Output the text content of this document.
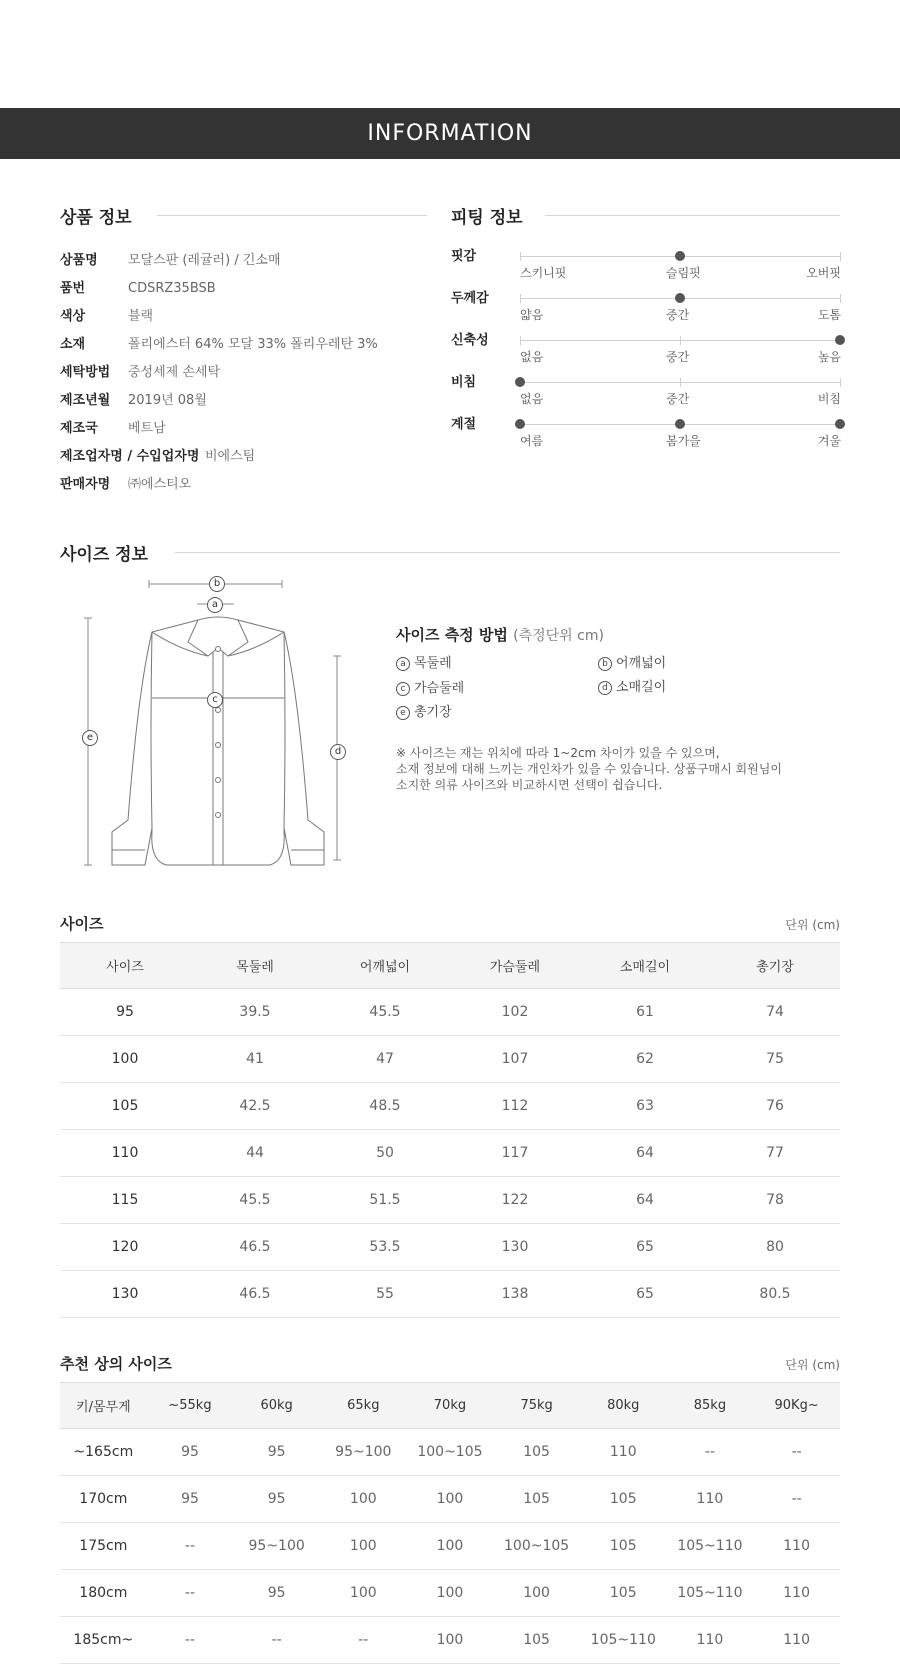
INFORMATION
상품 정보
상품명 모달스판 (레귤러) / 긴소매
품번	CDSRZ35BSB
색상	블랙
소재	폴리에스터 64% 모달 33% 폴리우레탄 3%
세탁방법 중성세제 손세탁
제조년월 2019년 08월
제조국 베트남
제조업자명 / 수입업자명 비에스팀
판매자명 ㈜에스티오
피팅 정보
핏감
스키니핏	슬림핏	오버핏
두께감
얇음	중간	도톰
신축성
없음	중간	높음
비침
없음	중간	비침
계절
여름	봄가을	겨울
사이즈 정보
a
b
c
d
e
사이즈 측정 방법 (측정단위 cm)
a 목둘레	b 어깨넓이
c 가슴둘레	d 소매길이
e 총기장
※ 사이즈는 재는 위치에 따라 1~2cm 차이가 있을 수 있으며,
소재 정보에 대해 느끼는 개인차가 있을 수 있습니다. 상품구매시 회원님이
소지한 의류 사이즈와 비교하시면 선택이 쉽습니다.
사이즈	단위 (cm)
사이즈	목둘레	어깨넓이	가슴둘레	소매길이	총기장
95	39.5	45.5	102	61	74
100	41	47	107	62	75
105	42.5	48.5	112	63	76
110	44	50	117	64	77
115	45.5	51.5	122	64	78
120	46.5	53.5	130	65	80
130	46.5	55	138	65	80.5
추천 상의 사이즈	단위 (cm)
키/몸무게	~55kg	60kg	65kg	70kg	75kg	80kg	85kg	90Kg~
~165cm	95	95	95~100	100~105	105	110	--	--
170cm	95	95	100	100	105	105	110	--
175cm	--	95~100	100	100	100~105	105	105~110	110
180cm	--	95	100	100	100	105	105~110	110
185cm~	--	--	--	100	105	105~110	110	110
